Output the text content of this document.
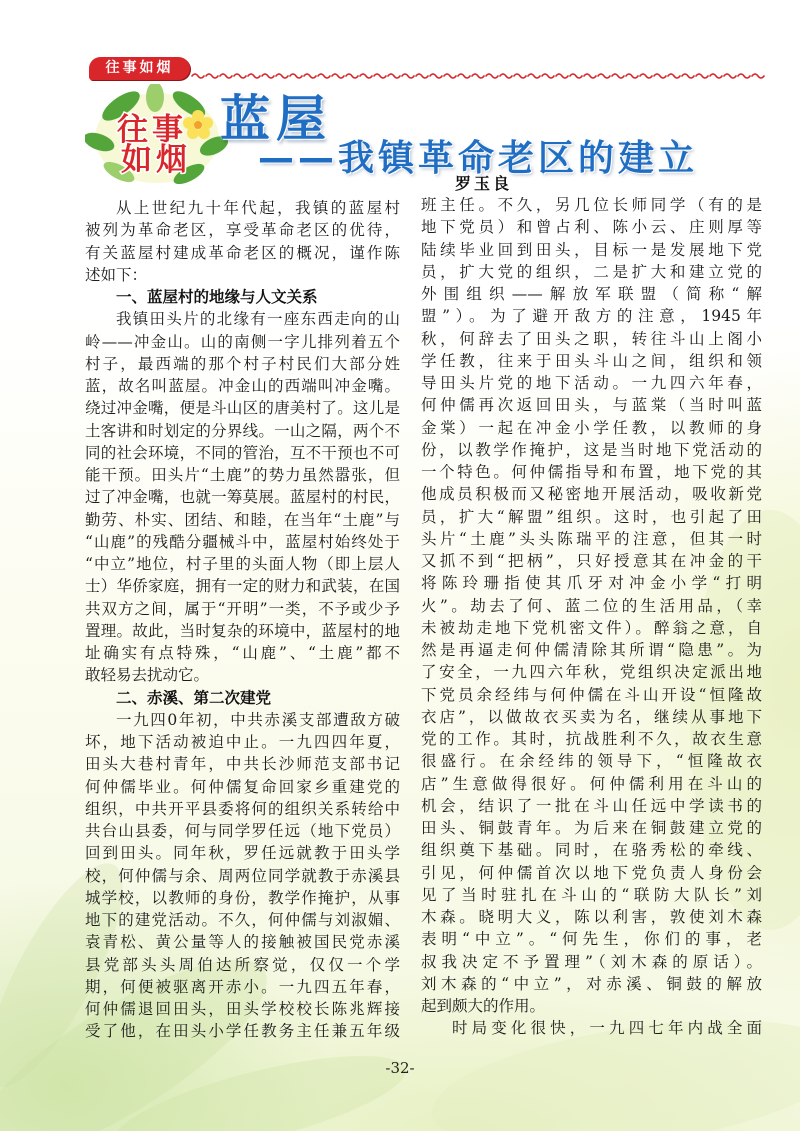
往事如烟
往事
如烟
蓝屋
——我镇革命老区的建立
罗玉良
从上世纪九十年代起，我镇的蓝屋村
被列为革命老区，享受革命老区的优待，
有关蓝屋村建成革命老区的概况，谨作陈
述如下：
一、蓝屋村的地缘与人文关系
我镇田头片的北缘有一座东西走向的山
岭——冲金山。山的南侧一字儿排列着五个
村子，最西端的那个村子村民们大部分姓
蓝，故名叫蓝屋。冲金山的西端叫冲金嘴。
绕过冲金嘴，便是斗山区的唐美村了。这儿是
土客讲和时划定的分界线。一山之隔，两个不
同的社会环境，不同的管治，互不干预也不可
能干预。田头片“土鹿”的势力虽然嚣张，但
过了冲金嘴，也就一筹莫展。蓝屋村的村民，
勤劳、朴实、团结、和睦，在当年“土鹿”与
“山鹿”的残酷分疆械斗中，蓝屋村始终处于
“中立”地位，村子里的头面人物（即上层人
士）华侨家庭，拥有一定的财力和武装，在国
共双方之间，属于“开明”一类，不予或少予
置理。故此，当时复杂的环境中，蓝屋村的地
址确实有点特殊，“山鹿”、“土鹿”都不
敢轻易去扰动它。
二、赤溪、第二次建党
一九四0年初，中共赤溪支部遭敌方破
坏，地下活动被迫中止。一九四四年夏，
田头大巷村青年，中共长沙师范支部书记
何仲儒毕业。何仲儒复命回家乡重建党的
组织，中共开平县委将何的组织关系转给中
共台山县委，何与同学罗任远（地下党员）
回到田头。同年秋，罗任远就教于田头学
校，何仲儒与余、周两位同学就教于赤溪县
城学校，以教师的身份，教学作掩护，从事
地下的建党活动。不久，何仲儒与刘淑媚、
袁青松、黄公量等人的接触被国民党赤溪
县党部头头周伯达所察觉，仅仅一个学
期，何便被驱离开赤小。一九四五年春，
何仲儒退回田头，田头学校校长陈兆辉接
受了他，在田头小学任教务主任兼五年级
班主任。不久，另几位长师同学（有的是
地下党员）和曾占利、陈小云、庄则厚等
陆续毕业回到田头，目标一是发展地下党
员，扩大党的组织，二是扩大和建立党的
外围组织——解放军联盟（简称“解
盟”）。为了避开敌方的注意，1945年
秋，何辞去了田头之职，转往斗山上阁小
学任教，往来于田头斗山之间，组织和领
导田头片党的地下活动。一九四六年春，
何仲儒再次返回田头，与蓝棠（当时叫蓝
金棠）一起在冲金小学任教，以教师的身
份，以教学作掩护，这是当时地下党活动的
一个特色。何仲儒指导和布置，地下党的其
他成员积极而又秘密地开展活动，吸收新党
员，扩大“解盟”组织。这时，也引起了田
头片“土鹿”头头陈瑞平的注意，但其一时
又抓不到“把柄”，只好授意其在冲金的干
将陈玲珊指使其爪牙对冲金小学“打明
火”。劫去了何、蓝二位的生活用品，（幸
未被劫走地下党机密文件）。醉翁之意，自
然是再逼走何仲儒清除其所谓“隐患”。为
了安全，一九四六年秋，党组织决定派出地
下党员余经纬与何仲儒在斗山开设“恒隆故
衣店”，以做故衣买卖为名，继续从事地下
党的工作。其时，抗战胜利不久，故衣生意
很盛行。在余经纬的领导下，“恒隆故衣
店”生意做得很好。何仲儒利用在斗山的
机会，结识了一批在斗山任远中学读书的
田头、铜鼓青年。为后来在铜鼓建立党的
组织奠下基础。同时，在骆秀松的牵线、
引见，何仲儒首次以地下党负责人身份会
见了当时驻扎在斗山的“联防大队长”刘
木森。晓明大义，陈以利害，敦使刘木森
表明“中立”。“何先生，你们的事，老
叔我决定不予置理”（刘木森的原话）。
刘木森的“中立”，对赤溪、铜鼓的解放
起到颇大的作用。
时局变化很快，一九四七年内战全面
-32-
